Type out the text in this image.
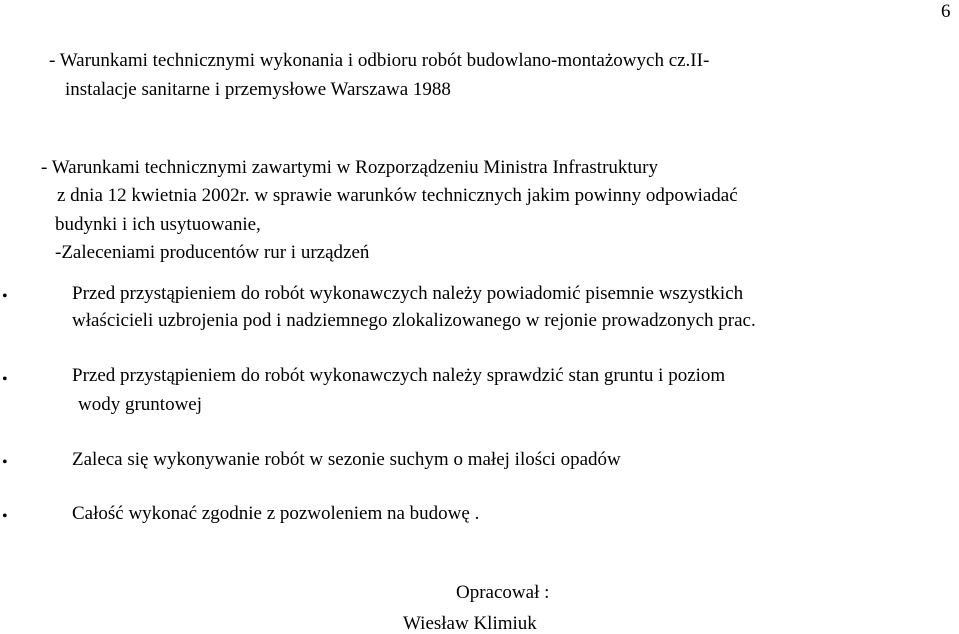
6
- Warunkami technicznymi wykonania i odbioru robót budowlano-montażowych cz.II-
instalacje sanitarne i przemysłowe Warszawa 1988
- Warunkami technicznymi zawartymi w Rozporządzeniu Ministra Infrastruktury
z dnia 12 kwietnia 2002r. w sprawie warunków technicznych jakim powinny odpowiadać
budynki i ich usytuowanie,
-Zaleceniami producentów rur i urządzeń
•	Przed przystąpieniem do robót wykonawczych należy powiadomić pisemnie wszystkich
właścicieli uzbrojenia pod i nadziemnego zlokalizowanego w rejonie prowadzonych prac.
•	Przed przystąpieniem do robót wykonawczych należy sprawdzić stan gruntu i poziom
wody gruntowej
•	Zaleca się wykonywanie robót w sezonie suchym o małej ilości opadów
•	Całość wykonać zgodnie z pozwoleniem na budowę .
Opracował :
Wiesław Klimiuk
